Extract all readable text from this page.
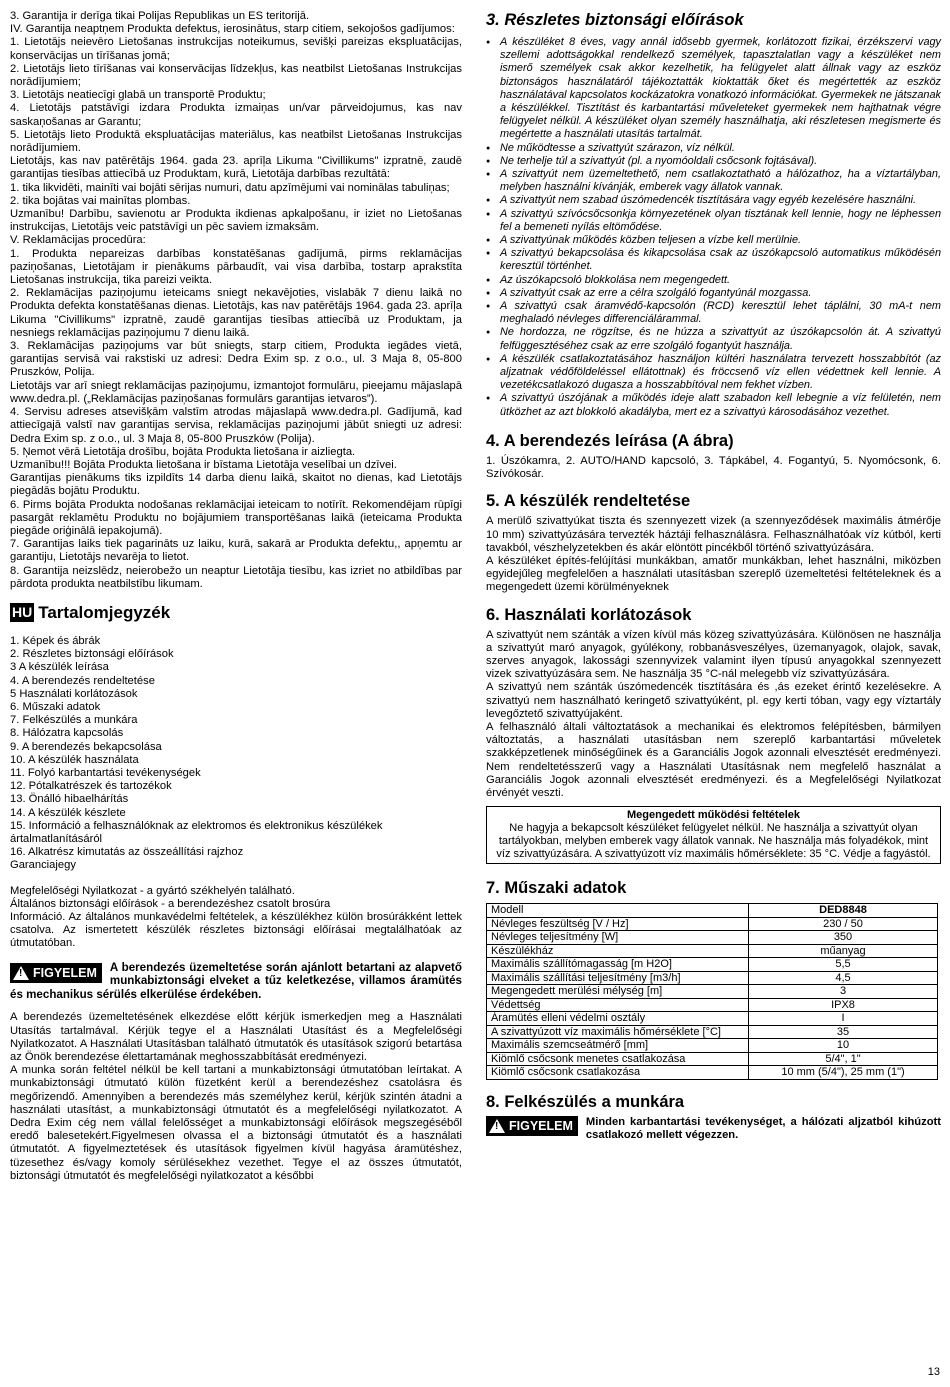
3. Garantija ir derīga tikai Polijas Republikas un ES teritorijā.

IV. Garantija neaptņem Produkta defektus, ierosinātus, starp citiem, sekojošos gadījumos:

1. Lietotājs neievēro Lietošanas instrukcijas noteikumus, sevišķi pareizas ekspluatācijas, konservācijas un tīrīšanas jomā;

2. Lietotājs lieto tīrīšanas vai konservācijas līdzekļus, kas neatbilst Lietošanas Instrukcijas norādījumiem;

3. Lietotājs neatiecīgi glabā un transportē Produktu;

4. Lietotājs patstāvīgi izdara Produkta izmaiņas un/var pārveidojumus, kas nav saskaņošanas ar Garantu;

5. Lietotājs lieto Produktā ekspluatācijas materiālus, kas neatbilst Lietošanas Instrukcijas norādījumiem.

Lietotājs, kas nav patērētājs 1964. gada 23. aprīļa Likuma "Civillikums" izpratnē, zaudē garantijas tiesības attiecībā uz Produktam, kurā, Lietotāja darbības rezultātā:

1. tika likvidēti, mainīti vai bojāti sērijas numuri, datu apzīmējumi vai nominālas tabuliņas;

2. tika bojātas vai mainītas plombas.

Uzmanību! Darbību, savienotu ar Produkta ikdienas apkalpošanu, ir iziet no Lietošanas instrukcijas, Lietotājs veic patstāvīgi un pēc saviem izmaksām.

V. Reklamācijas procedūra:

1. Produkta nepareizas darbības konstatēšanas gadījumā, pirms reklamācijas paziņošanas, Lietotājam ir pienākums pārbaudīt, vai visa darbība, tostarp aprakstīta Lietošanas instrukcija, tika pareizi veikta.

2. Reklamācijas paziņojumu ieteicams sniegt nekavējoties, vislabāk 7 dienu laikā no Produkta defekta konstatēšanas dienas. Lietotājs, kas nav patērētājs 1964. gada 23. aprīļa Likuma "Civillikums" izpratnē, zaudē garantijas tiesības attiecībā uz Produktam, ja nesniegs reklamācijas paziņojumu 7 dienu laikā.

3. Reklamācijas paziņojums var būt sniegts, starp citiem, Produkta iegādes vietā, garantijas servisā vai rakstiski uz adresi: Dedra Exim sp. z o.o., ul. 3 Maja 8, 05-800 Pruszków, Polija.

Lietotājs var arī sniegt reklamācijas paziņojumu, izmantojot formulāru, pieejamu mājaslapā www.dedra.pl. („Reklamācijas paziņošanas formulārs garantijas ietvaros”).

4. Servisu adreses atsevišķām valstīm atrodas mājaslapā www.dedra.pl. Gadījumā, kad attiecīgajā valstī nav garantijas servisa, reklamācijas paziņojumi jābūt sniegti uz adresi: Dedra Exim sp. z o.o., ul. 3 Maja 8, 05-800 Pruszków (Polija).

5. Ņemot vērā Lietotāja drošību, bojāta Produkta lietošana ir aizliegta.

Uzmanību!!! Bojāta Produkta lietošana ir bīstama Lietotāja veselībai un dzīvei.

Garantijas pienākums tiks izpildīts 14 darba dienu laikā, skaitot no dienas, kad Lietotājs piegādās bojātu Produktu.

6. Pirms bojāta Produkta nodošanas reklamācijai ieteicam to notīrīt. Rekomendējam rūpīgi pasargāt reklamētu Produktu no bojājumiem transportēšanas laikā (ieteicama Produkta piegāde oriģinālā iepakojumā).

7. Garantijas laiks tiek pagarināts uz laiku, kurā, sakarā ar Produkta defektu,, apņemtu ar garantiju, Lietotājs nevarēja to lietot.

8. Garantija neizslēdz, neierobežo un neaptur Lietotāja tiesību, kas izriet no atbildības par pārdota produkta neatbilstību likumam.

HU Tartalomjegyzék
1. Képek és ábrák
2. Részletes biztonsági előírások
3 A készülék leírása
4. A berendezés rendeltetése
5 Használati korlátozások
6. Műszaki adatok
7. Felkészülés a munkára
8. Hálózatra kapcsolás
9. A berendezés bekapcsolása
10. A készülék használata
11. Folyó karbantartási tevékenységek
12. Pótalkatrészek és tartozékok
13. Önálló hibaelhárítás
14. A készülék készlete
15. Információ a felhasználóknak az elektromos és elektronikus készülékek ártalmatlanításáról
16. Alkatrész kimutatás az összeállítási rajzhoz
Garanciajegy

Megfelelőségi Nyilatkozat - a gyártó székhelyén található.

Általános biztonsági előírások - a berendezéshez csatolt brosúra

Információ. Az általános munkavédelmi feltételek, a készülékhez külön brosúrákként lettek csatolva. Az ismertetett készülék részletes biztonsági előírásai megtalálhatóak az útmutatóban.

! FIGYELEM	A berendezés üzemeltetése során ajánlott betartani az alapvető munkabiztonsági elveket a tűz keletkezése, villamos áramütés és mechanikus sérülés elkerülése érdekében.

A berendezés üzemeltetésének elkezdése előtt kérjük ismerkedjen meg a Használati Utasítás tartalmával. Kérjük tegye el a Használati Utasítást és a Megfelelőségi Nyilatkozatot. A Használati Utasításban található útmutatók és utasítások szigorú betartása az Önök berendezése élettartamának meghosszabbítását eredményezi.

A munka során feltétel nélkül be kell tartani a munkabiztonsági útmutatóban leírtakat. A munkabiztonsági útmutató külön füzetként kerül a berendezéshez csatolásra és megőrizendő. Amennyiben a berendezés más személyhez kerül, kérjük szintén átadni a használati utasítást, a munkabiztonsági útmutatót és a megfelelőségi nyilatkozatot. A Dedra Exim cég nem vállal felelősséget a munkabiztonsági előírások megszegéséből eredő balesetekért.Figyelmesen olvassa el a biztonsági útmutatót és a használati útmutatót. A figyelmeztetések és utasítások figyelmen kívül hagyása áramütéshez, tüzesethez és/vagy komoly sérülésekhez vezethet. Tegye el az összes útmutatót, biztonsági útmutatót és megfelelőségi nyilatkozatot a későbbi

3. Részletes biztonsági előírások
● A készüléket 8 éves, vagy annál idősebb gyermek, korlátozott fizikai, érzékszervi vagy szellemi adottságokkal rendelkező személyek, tapasztalatlan vagy a készüléket nem ismerő személyek csak akkor kezelhetik, ha felügyelet alatt állnak vagy az eszköz biztonságos használatáról tájékoztatták kioktatták őket és megértették az eszköz használatával kapcsolatos kockázatokra vonatkozó információkat. Gyermekek ne játszanak a készülékkel. Tisztítást és karbantartási műveleteket gyermekek nem hajthatnak végre felügyelet nélkül. A készüléket olyan személy használhatja, aki részletesen megismerte és megértette a használati utasítás tartalmát.
● Ne működtesse a szivattyút szárazon, víz nélkül.
● Ne terhelje túl a szivattyút (pl. a nyomóoldali csőcsonk fojtásával).
● A szivattyút nem üzemeltethető, nem csatlakoztatható a hálózathoz, ha a víztartályban, melyben használni kívánják, emberek vagy állatok vannak.
● A szivattyút nem szabad úszómedencék tisztítására vagy egyéb kezelésére használni.
● A szivattyú szívócsőcsonkja környezetének olyan tisztának kell lennie, hogy ne léphessen fel a bemeneti nyílás eltömődése.
● A szivattyúnak működés közben teljesen a vízbe kell merülnie.
● A szivattyú bekapcsolása és kikapcsolása csak az úszókapcsoló automatikus működésén keresztül történhet.
● Az úszókapcsoló blokkolása nem megengedett.
● A szivattyút csak az erre a célra szolgáló fogantyúnál mozgassa.
● A szivattyú csak áramvédő-kapcsolón (RCD) keresztül lehet táplálni, 30 mA-t nem meghaladó névleges differenciálárammal.
● Ne hordozza, ne rögzítse, és ne húzza a szivattyút az úszókapcsolón át. A szivattyú felfüggesztéséhez csak az erre szolgáló fogantyút használja.
● A készülék csatlakoztatásához használjon kültéri használatra tervezett hosszabbítót (az aljzatnak védőföldeléssel ellátottnak) és fröccsenő víz ellen védettnek kell lennie. A vezetékcsatlakozó dugasza a hosszabbítóval nem fekhet vízben.
● A szivattyú úszójának a működés ideje alatt szabadon kell lebegnie a víz felületén, nem ütközhet az azt blokkoló akadályba, mert ez a szivattyú károsodásához vezethet.
4. A berendezés leírása (A ábra)

1. Úszókamra, 2. AUTO/HAND kapcsoló, 3. Tápkábel, 4. Fogantyú, 5. Nyomócsonk, 6. Szívókosár.

5. A készülék rendeltetése

A merülő szivattyúkat tiszta és szennyezett vizek (a szennyeződések maximális átmérője 10 mm) szivattyúzására tervezték háztáji felhasználásra. Felhasználhatóak víz kútból, kerti tavakból, vészhelyzetekben és akár elöntött pincékből történő szivattyúzására.

A készüléket építés-felújítási munkákban, amatőr munkákban, lehet használni, miközben egyidejűleg megfelelően a használati utasításban szereplő üzemeltetési feltételeknek és a megengedett üzemi körülményeknek

6. Használati korlátozások

A szivattyút nem szánták a vízen kívül más közeg szivattyúzására. Különösen ne használja a szivattyút maró anyagok, gyúlékony, robbanásveszélyes, üzemanyagok, olajok, savak, szerves anyagok, lakossági szennyvizek valamint ilyen típusú anyagokkal szennyezett vizek szivattyúzására sem. Ne használja 35 °C-nál melegebb víz szivattyúzására.

A szivattyú nem szánták úszómedencék tisztítására és ,ás ezeket érintő kezelésekre. A szivattyú nem használható keringető szivattyúként, pl. egy kerti tóban, vagy egy víztartály levegőztető szivattyújaként.

A felhasználó általi változtatások a mechanikai és elektromos felépítésben, bármilyen változtatás, a használati utasításban nem szereplő karbantartási műveletek szakképzetlenek minőségűinek és a Garanciális Jogok azonnali elvesztését eredményezi. Nem rendeltetésszerű vagy a Használati Utasításnak nem megfelelő használat a Garanciális Jogok azonnali elvesztését eredményezi. és a Megfelelőségi Nyilatkozat érvényét veszti.

Megengedett működési feltételek
Ne hagyja a bekapcsolt készüléket felügyelet nélkül. Ne használja a szivattyút olyan tartályokban, melyben emberek vagy állatok vannak. Ne használja más folyadékok, mint víz szivattyúzására. A szivattyúzott víz maximális hőmérséklete: 35 °C. Védje a fagyástól.
7. Műszaki adatok
Modell	DED8848
Névleges feszültség [V / Hz]	230 / 50
Névleges teljesítmény [W]	350
Készülékház	műanyag
Maximális szállítómagasság [m H2O]	5,5
Maximális szállítási teljesítmény [m3/h]	4,5
Megengedett merülési mélység [m]	3
Védettség	IPX8
Áramütés elleni védelmi osztály	I
A szivattyúzott víz maximális hőmérséklete [°C]	35
Maximális szemcseátmérő [mm]	10
Kiömlő csőcsonk menetes csatlakozása	5/4", 1"
Kiömlő csőcsonk csatlakozása	10 mm (5/4"), 25 mm (1")
8. Felkészülés a munkára
! FIGYELEM Minden karbantartási tevékenységet, a hálózati aljzatból kihúzott csatlakozó mellett végezzen.

13
